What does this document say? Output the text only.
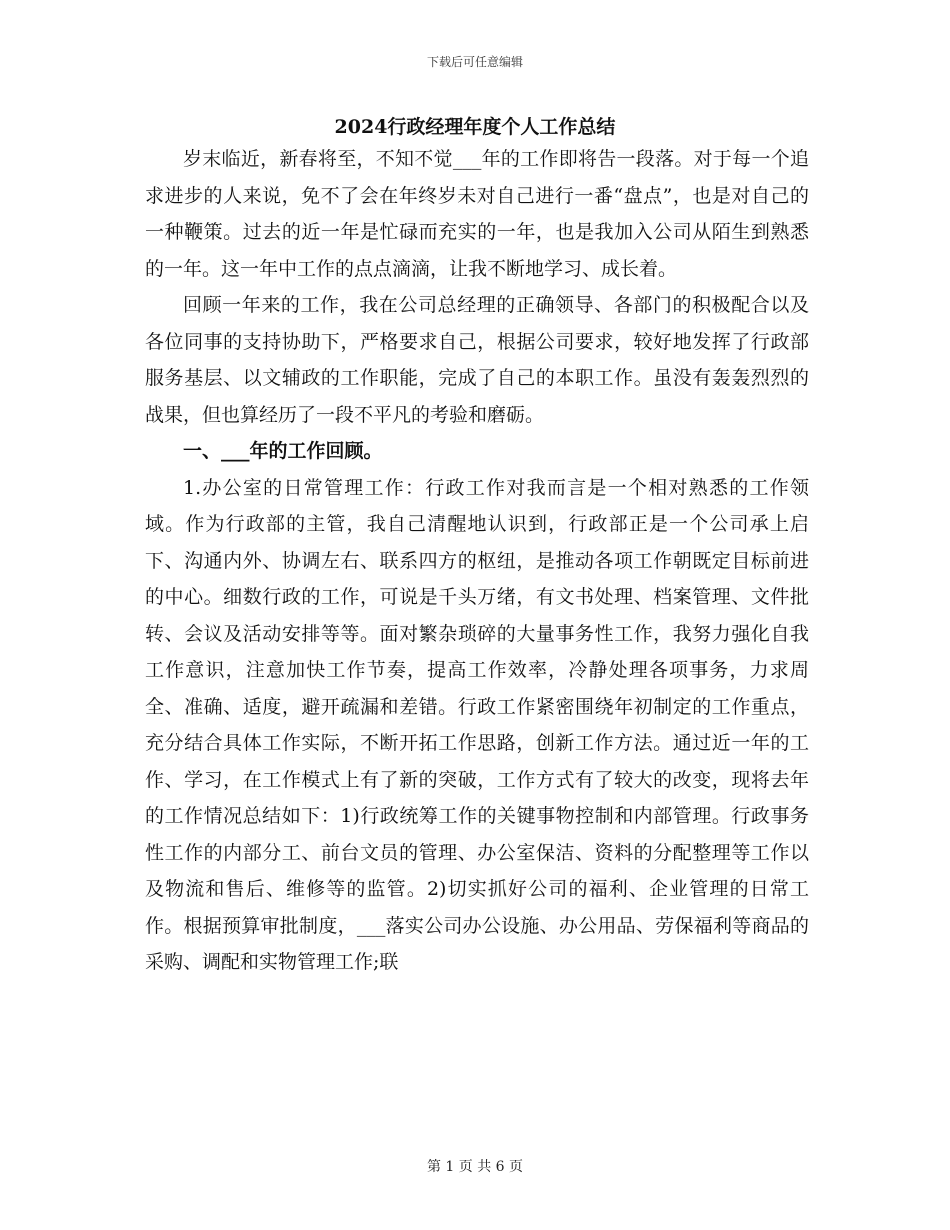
下载后可任意编辑
2024行政经理年度个人工作总结

岁末临近，新春将至，不知不觉___年的工作即将告一段落。对于每一个追求进步的人来说，免不了会在年终岁未对自己进行一番“盘点”，也是对自己的一种鞭策。过去的近一年是忙碌而充实的一年，也是我加入公司从陌生到熟悉的一年。这一年中工作的点点滴滴，让我不断地学习、成长着。

回顾一年来的工作，我在公司总经理的正确领导、各部门的积极配合以及各位同事的支持协助下，严格要求自己，根据公司要求，较好地发挥了行政部服务基层、以文辅政的工作职能，完成了自己的本职工作。虽没有轰轰烈烈的战果，但也算经历了一段不平凡的考验和磨砺。

一、___年的工作回顾。

1.办公室的日常管理工作：行政工作对我而言是一个相对熟悉的工作领域。作为行政部的主管，我自己清醒地认识到，行政部正是一个公司承上启下、沟通内外、协调左右、联系四方的枢纽，是推动各项工作朝既定目标前进的中心。细数行政的工作，可说是千头万绪，有文书处理、档案管理、文件批转、会议及活动安排等等。面对繁杂琐碎的大量事务性工作，我努力强化自我工作意识，注意加快工作节奏，提高工作效率，冷静处理各项事务，力求周全、准确、适度，避开疏漏和差错。行政工作紧密围绕年初制定的工作重点，充分结合具体工作实际，不断开拓工作思路，创新工作方法。通过近一年的工作、学习，在工作模式上有了新的突破，工作方式有了较大的改变，现将去年的工作情况总结如下：1)行政统筹工作的关键事物控制和内部管理。行政事务性工作的内部分工、前台文员的管理、办公室保洁、资料的分配整理等工作以及物流和售后、维修等的监管。2)切实抓好公司的福利、企业管理的日常工作。根据预算审批制度，___落实公司办公设施、办公用品、劳保福利等商品的采购、调配和实物管理工作;联

第 1 页 共 6 页
